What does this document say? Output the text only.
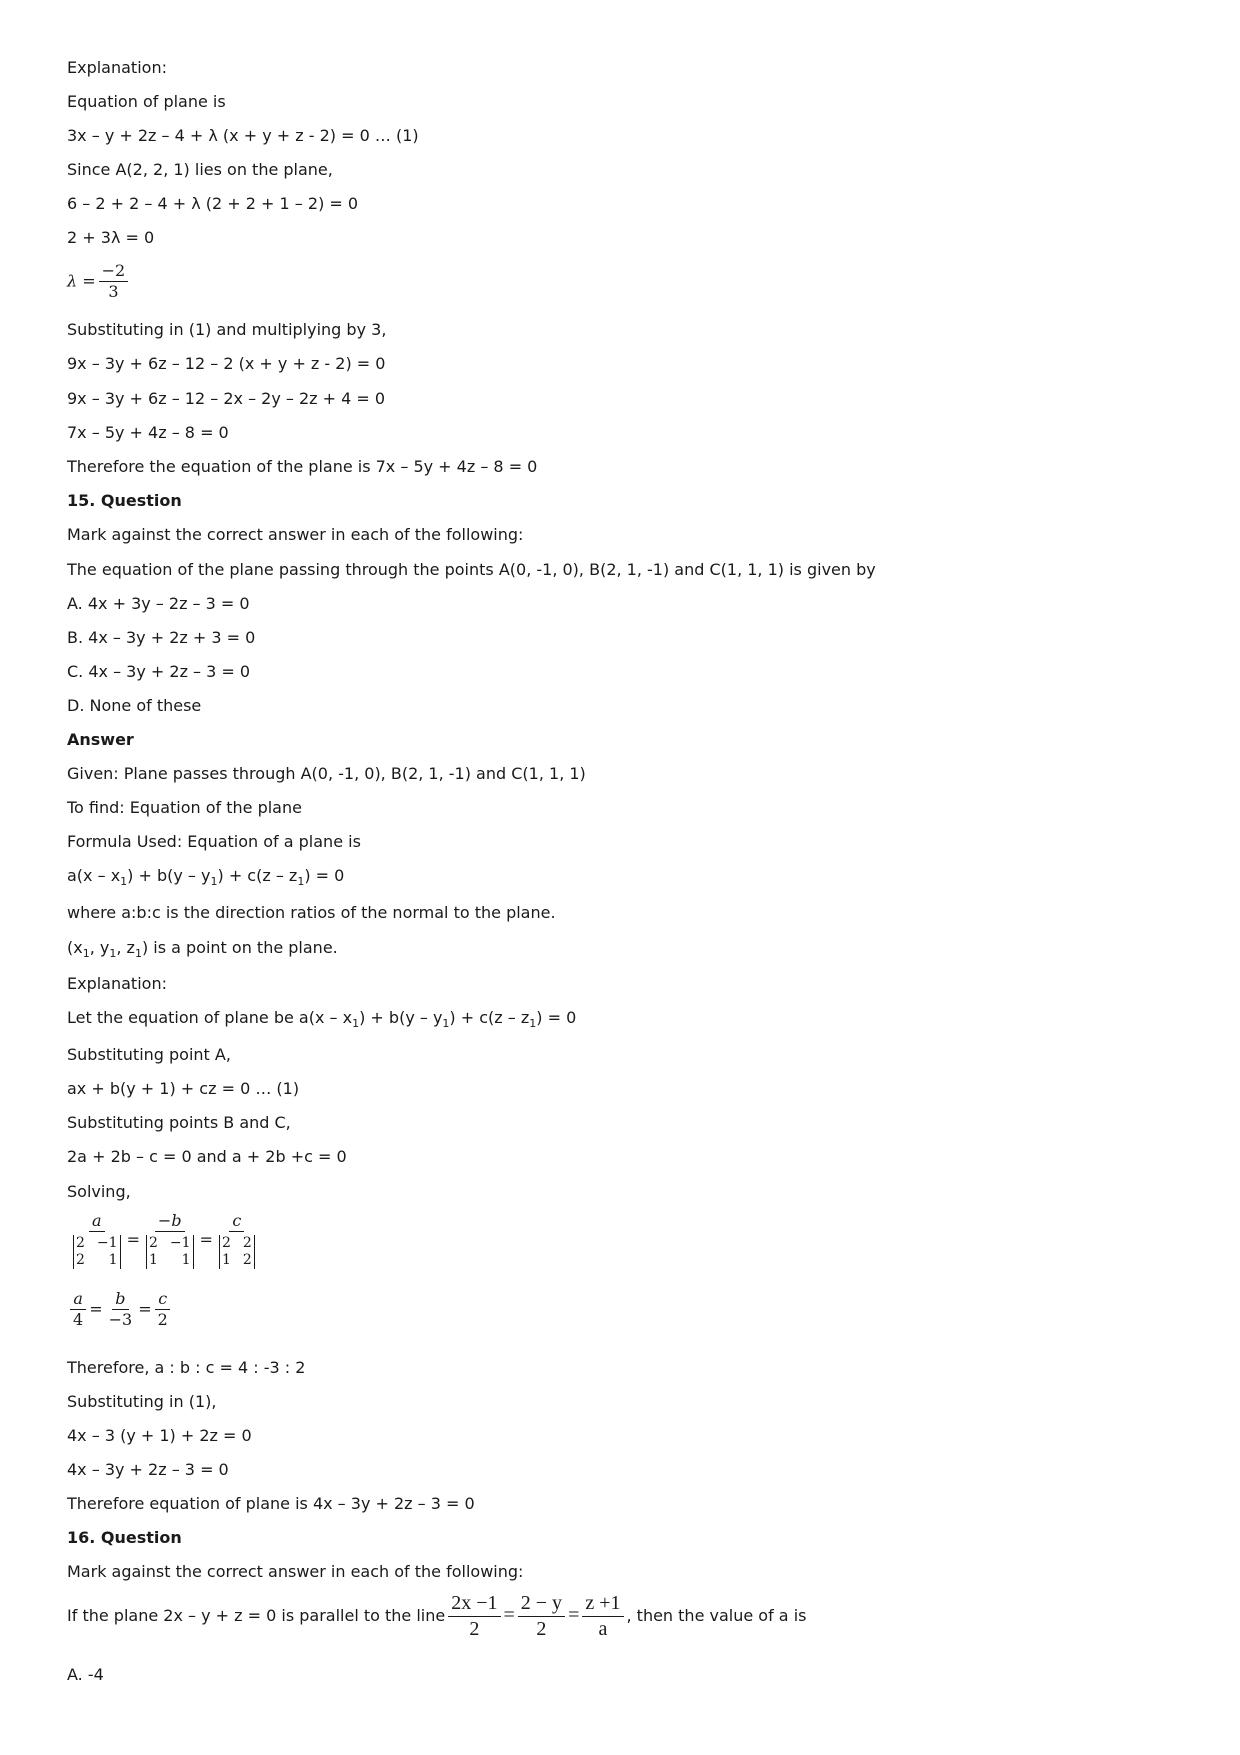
Explanation:
Equation of plane is
3x – y + 2z – 4 + λ (x + y + z - 2) = 0 … (1)
Since A(2, 2, 1) lies on the plane,
6 – 2 + 2 – 4 + λ (2 + 2 + 1 – 2) = 0
2 + 3λ = 0
$\lambda = \frac{-2}{3}$
Substituting in (1) and multiplying by 3,
9x – 3y + 6z – 12 – 2 (x + y + z - 2) = 0
9x – 3y + 6z – 12 – 2x – 2y – 2z + 4 = 0
7x – 5y + 4z – 8 = 0
Therefore the equation of the plane is 7x – 5y + 4z – 8 = 0
15. Question
Mark against the correct answer in each of the following:
The equation of the plane passing through the points A(0, -1, 0), B(2, 1, -1) and C(1, 1, 1) is given by
A. 4x + 3y – 2z – 3 = 0
B. 4x – 3y + 2z + 3 = 0
C. 4x – 3y + 2z – 3 = 0
D. None of these
Answer
Given: Plane passes through A(0, -1, 0), B(2, 1, -1) and C(1, 1, 1)
To find: Equation of the plane
Formula Used: Equation of a plane is
$a(x - x_1) + b(y - y_1) + c(z - z_1) = 0$
where a:b:c is the direction ratios of the normal to the plane.
($x_1$, $y_1$, $z_1$) is a point on the plane.
Explanation:
Let the equation of plane be $a(x - x_1) + b(y - y_1) + c(z - z_1) = 0$
Substituting point A,
ax + b(y + 1) + cz = 0 … (1)
Substituting points B and C,
2a + 2b – c = 0 and a + 2b +c = 0
Solving,
a
2 −1
2	1 = −b
2 −1
1	1 = c
2 2
1 2
$\frac{a}{4} = \frac{b}{-3} = \frac{c}{2}$
Therefore, a : b : c = 4 : -3 : 2
Substituting in (1),
4x – 3 (y + 1) + 2z = 0
4x – 3y + 2z – 3 = 0
Therefore equation of plane is 4x – 3y + 2z – 3 = 0
16. Question
Mark against the correct answer in each of the following:
If the plane 2x – y + z = 0 is parallel to the line $\frac{2x -1}{2} = \frac{2 - y}{2} = \frac{z +1}{a}$ , then the value of a is
A. -4
